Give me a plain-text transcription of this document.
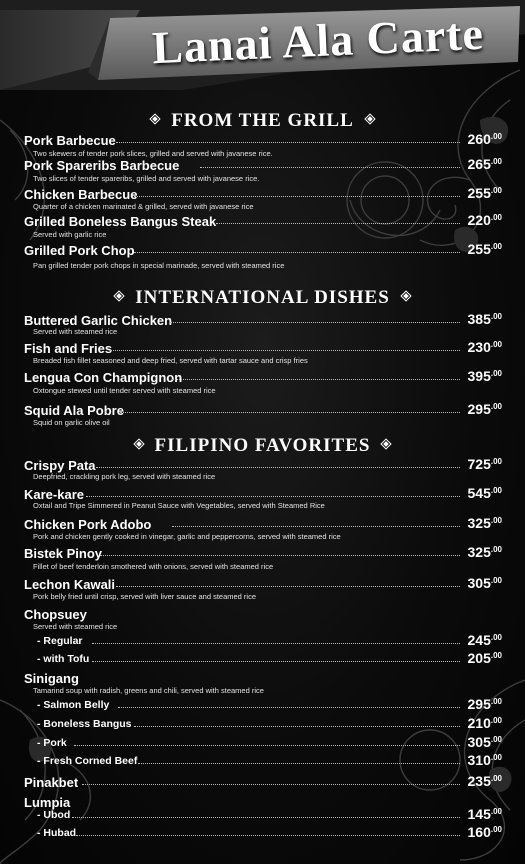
Lanai Ala Carte
FROM THE GRILL
Pork Barbecue	$260^{.00}$
Two skewers of tender pork slices, grilled and served with javanese rice.
Pork Spareribs Barbecue	$265^{.00}$
Two slices of tender spareribs, grilled and served with javanese rice.
Chicken Barbecue	$255^{.00}$
Quarter of a chicken marinated & grilled, served with javanese rice
Grilled Boneless Bangus Steak	$220^{.00}$
Served with garlic rice
Grilled Pork Chop	$255^{.00}$
Pan grilled tender pork chops in special marinade, served with steamed rice
INTERNATIONAL DISHES
Buttered Garlic Chicken	$385^{.00}$
Served with steamed rice
Fish and Fries	$230^{.00}$
Breaded fish fillet seasoned and deep fried, served with tartar sauce and crisp fries
Lengua Con Champignon	$395^{.00}$
Oxtongue stewed until tender served with steamed rice
Squid Ala Pobre	$295^{.00}$
Squid on garlic olive oil
FILIPINO FAVORITES
Crispy Pata	$725^{.00}$
Deepfried, crackling pork leg, served with steamed rice
Kare-kare	$545^{.00}$
Oxtail and Tripe Simmered in Peanut Sauce with Vegetables, served with Steamed Rice
Chicken Pork Adobo	$325^{.00}$
Pork and chicken gently cooked in vinegar, garlic and peppercorns, served with steamed rice
Bistek Pinoy	$325^{.00}$
Fillet of beef tenderloin smothered with onions, served with steamed rice
Lechon Kawali	$305^{.00}$
Pork belly fried until crisp, served with liver sauce and steamed rice
Chopsuey
Served with steamed rice
- Regular	$245^{.00}$
- with Tofu	$205^{.00}$
Sinigang
Tamarind soup with radish, greens and chili, served with steamed rice
- Salmon Belly	$295^{.00}$
- Boneless Bangus	$210^{.00}$
- Pork	$305^{.00}$
- Fresh Corned Beef	$310^{.00}$
Pinakbet	$235^{.00}$
Lumpia
- Ubod	$145^{.00}$
- Hubad	$160^{.00}$
